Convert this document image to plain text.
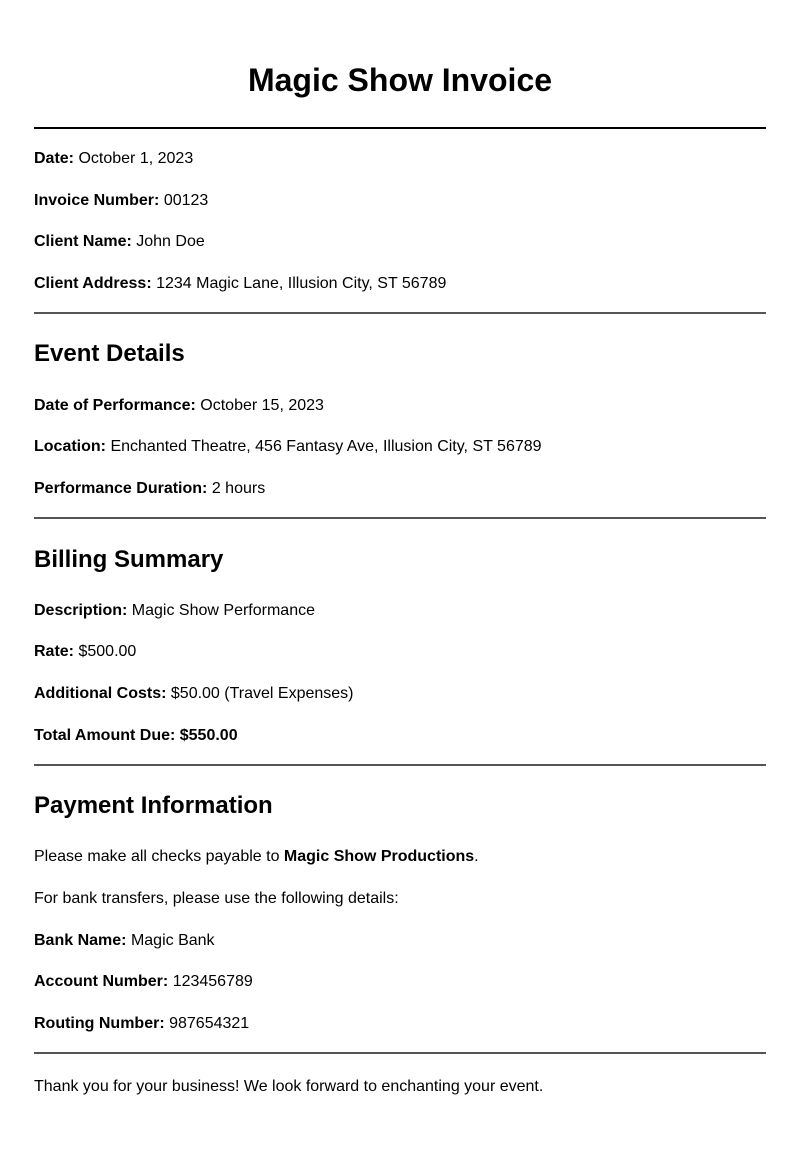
Magic Show Invoice

Date: October 1, 2023

Invoice Number: 00123

Client Name: John Doe

Client Address: 1234 Magic Lane, Illusion City, ST 56789

Event Details

Date of Performance: October 15, 2023

Location: Enchanted Theatre, 456 Fantasy Ave, Illusion City, ST 56789

Performance Duration: 2 hours

Billing Summary

Description: Magic Show Performance

Rate: $500.00

Additional Costs: $50.00 (Travel Expenses)

Total Amount Due: $550.00

Payment Information

Please make all checks payable to Magic Show Productions.

For bank transfers, please use the following details:

Bank Name: Magic Bank

Account Number: 123456789

Routing Number: 987654321

Thank you for your business! We look forward to enchanting your event.
